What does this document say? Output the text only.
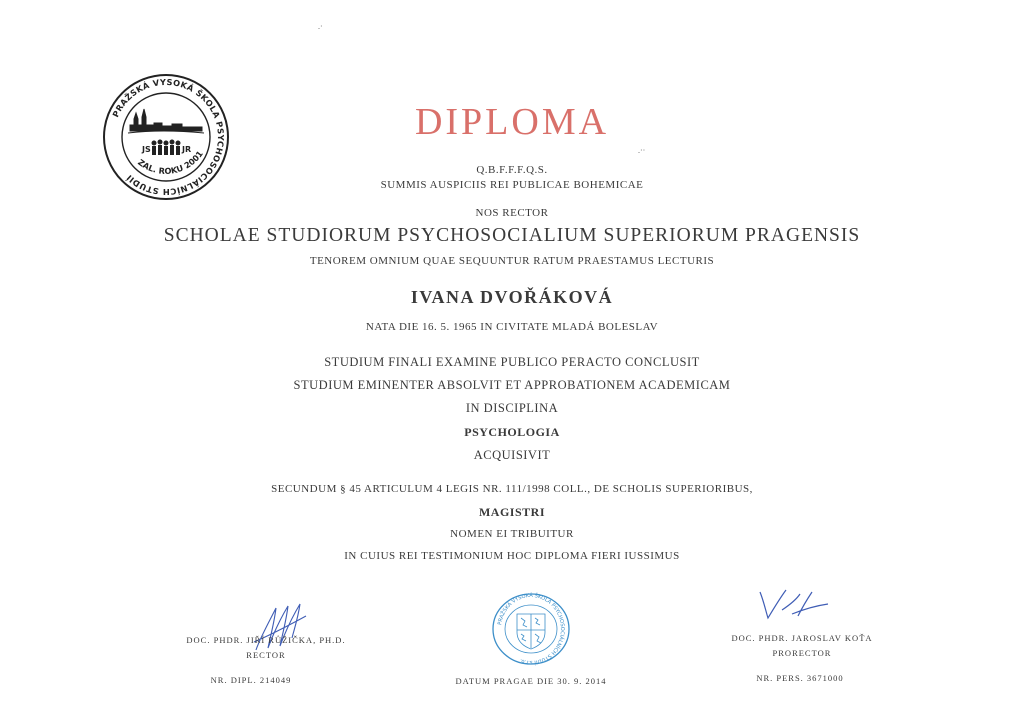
PRAŽSKÁ VYSOKÁ ŠKOLA PSYCHOSOCIÁLNÍCH STUDIÍ
ZAL. ROKU 2001
JS	JR
DIPLOMA
Q.B.F.F.F.Q.S.
SUMMIS AUSPICIIS REI PUBLICAE BOHEMICAE
NOS RECTOR
SCHOLAE STUDIORUM PSYCHOSOCIALIUM SUPERIORUM PRAGENSIS
TENOREM OMNIUM QUAE SEQUUNTUR RATUM PRAESTAMUS LECTURIS
IVANA DVOŘÁKOVÁ
NATA DIE 16. 5. 1965 IN CIVITATE MLADÁ BOLESLAV
STUDIUM FINALI EXAMINE PUBLICO PERACTO CONCLUSIT
STUDIUM EMINENTER ABSOLVIT ET APPROBATIONEM ACADEMICAM
IN DISCIPLINA
PSYCHOLOGIA
ACQUISIVIT
SECUNDUM § 45 ARTICULUM 4 LEGIS NR. 111/1998 COLL., DE SCHOLIS SUPERIORIBUS,
MAGISTRI
NOMEN EI TRIBUITUR
IN CUIUS REI TESTIMONIUM HOC DIPLOMA FIERI IUSSIMUS
DOC. PHDR. JIŘÍ RŮŽIČKA, PH.D.
RECTOR
NR. DIPL. 214049
PRAŽSKÁ VYSOKÁ ŠKOLA PSYCHOSOCIÁLNÍCH STUDIÍ s.r.o.
DATUM PRAGAE DIE 30. 9. 2014
DOC. PHDR. JAROSLAV KOŤA
PRORECTOR
NR. PERS. 3671000
.·
.··
